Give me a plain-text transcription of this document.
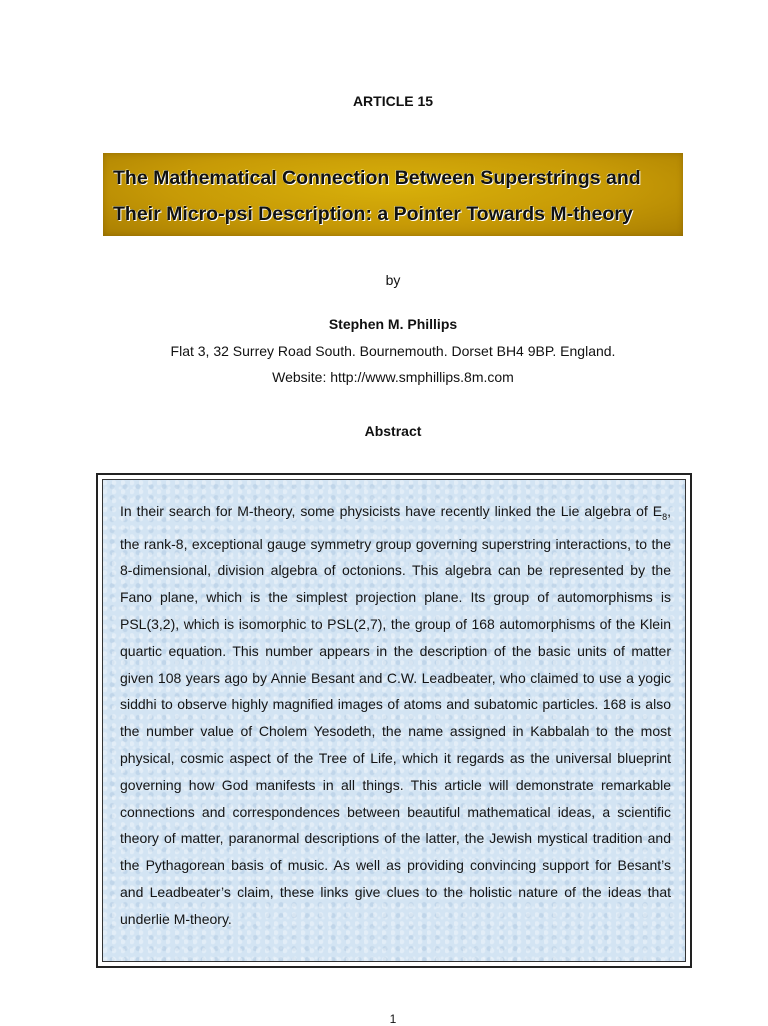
ARTICLE 15
The Mathematical Connection Between Superstrings and
Their Micro-psi Description: a Pointer Towards M-theory
by
Stephen M. Phillips
Flat 3, 32 Surrey Road South. Bournemouth. Dorset BH4 9BP. England.
Website: http://www.smphillips.8m.com
Abstract

In their search for M-theory, some physicists have recently linked the Lie algebra of $E_8$, the rank-8, exceptional gauge symmetry group governing superstring interactions, to the 8-dimensional, division algebra of octonions. This algebra can be represented by the Fano plane, which is the simplest projection plane. Its group of automorphisms is PSL(3,2), which is isomorphic to PSL(2,7), the group of 168 automorphisms of the Klein quartic equation. This number appears in the description of the basic units of matter given 108 years ago by Annie Besant and C.W. Leadbeater, who claimed to use a yogic siddhi to observe highly magnified images of atoms and subatomic particles. 168 is also the number value of Cholem Yesodeth, the name assigned in Kabbalah to the most physical, cosmic aspect of the Tree of Life, which it regards as the universal blueprint governing how God manifests in all things. This article will demonstrate remarkable connections and correspondences between beautiful mathematical ideas, a scientific theory of matter, paranormal descriptions of the latter, the Jewish mystical tradition and the Pythagorean basis of music. As well as providing convincing support for Besant’s and Leadbeater’s claim, these links give clues to the holistic nature of the ideas that underlie M-theory.

1
